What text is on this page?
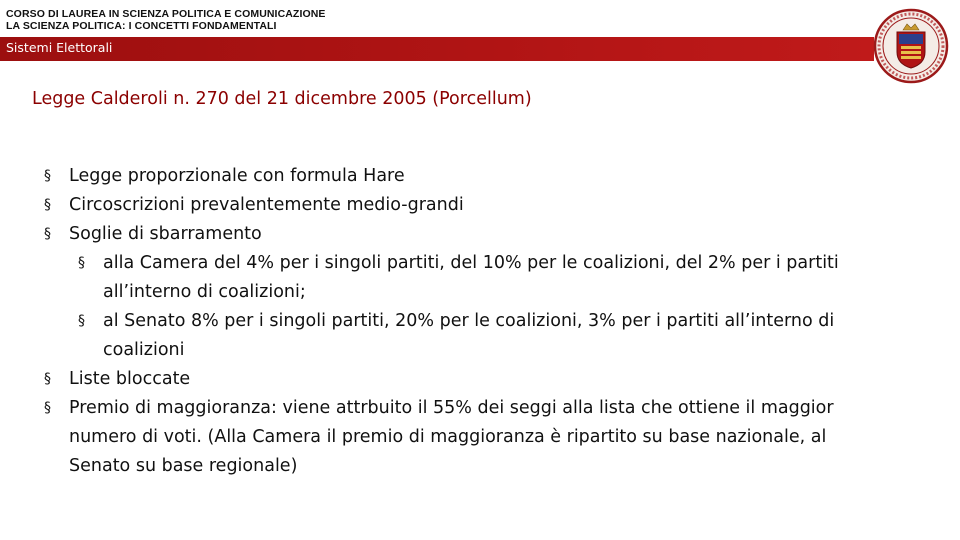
CORSO DI LAUREA IN SCIENZA POLITICA E COMUNICAZIONE
LA SCIENZA POLITICA: I CONCETTI FONDAMENTALI
Sistemi Elettorali
Legge Calderoli n. 270 del 21 dicembre 2005 (Porcellum)
§ Legge proporzionale con formula Hare
§ Circoscrizioni prevalentemente medio-grandi
§ Soglie di sbarramento
§ alla Camera del 4% per i singoli partiti, del 10% per le coalizioni, del 2% per i partiti all’interno di coalizioni;
§ al Senato 8% per i singoli partiti, 20% per le coalizioni, 3% per i partiti all’interno di coalizioni
§ Liste bloccate
§ Premio di maggioranza: viene attrbuito il 55% dei seggi alla lista che ottiene il maggior numero di voti. (Alla Camera il premio di maggioranza è ripartito su base nazionale, al Senato su base regionale)
